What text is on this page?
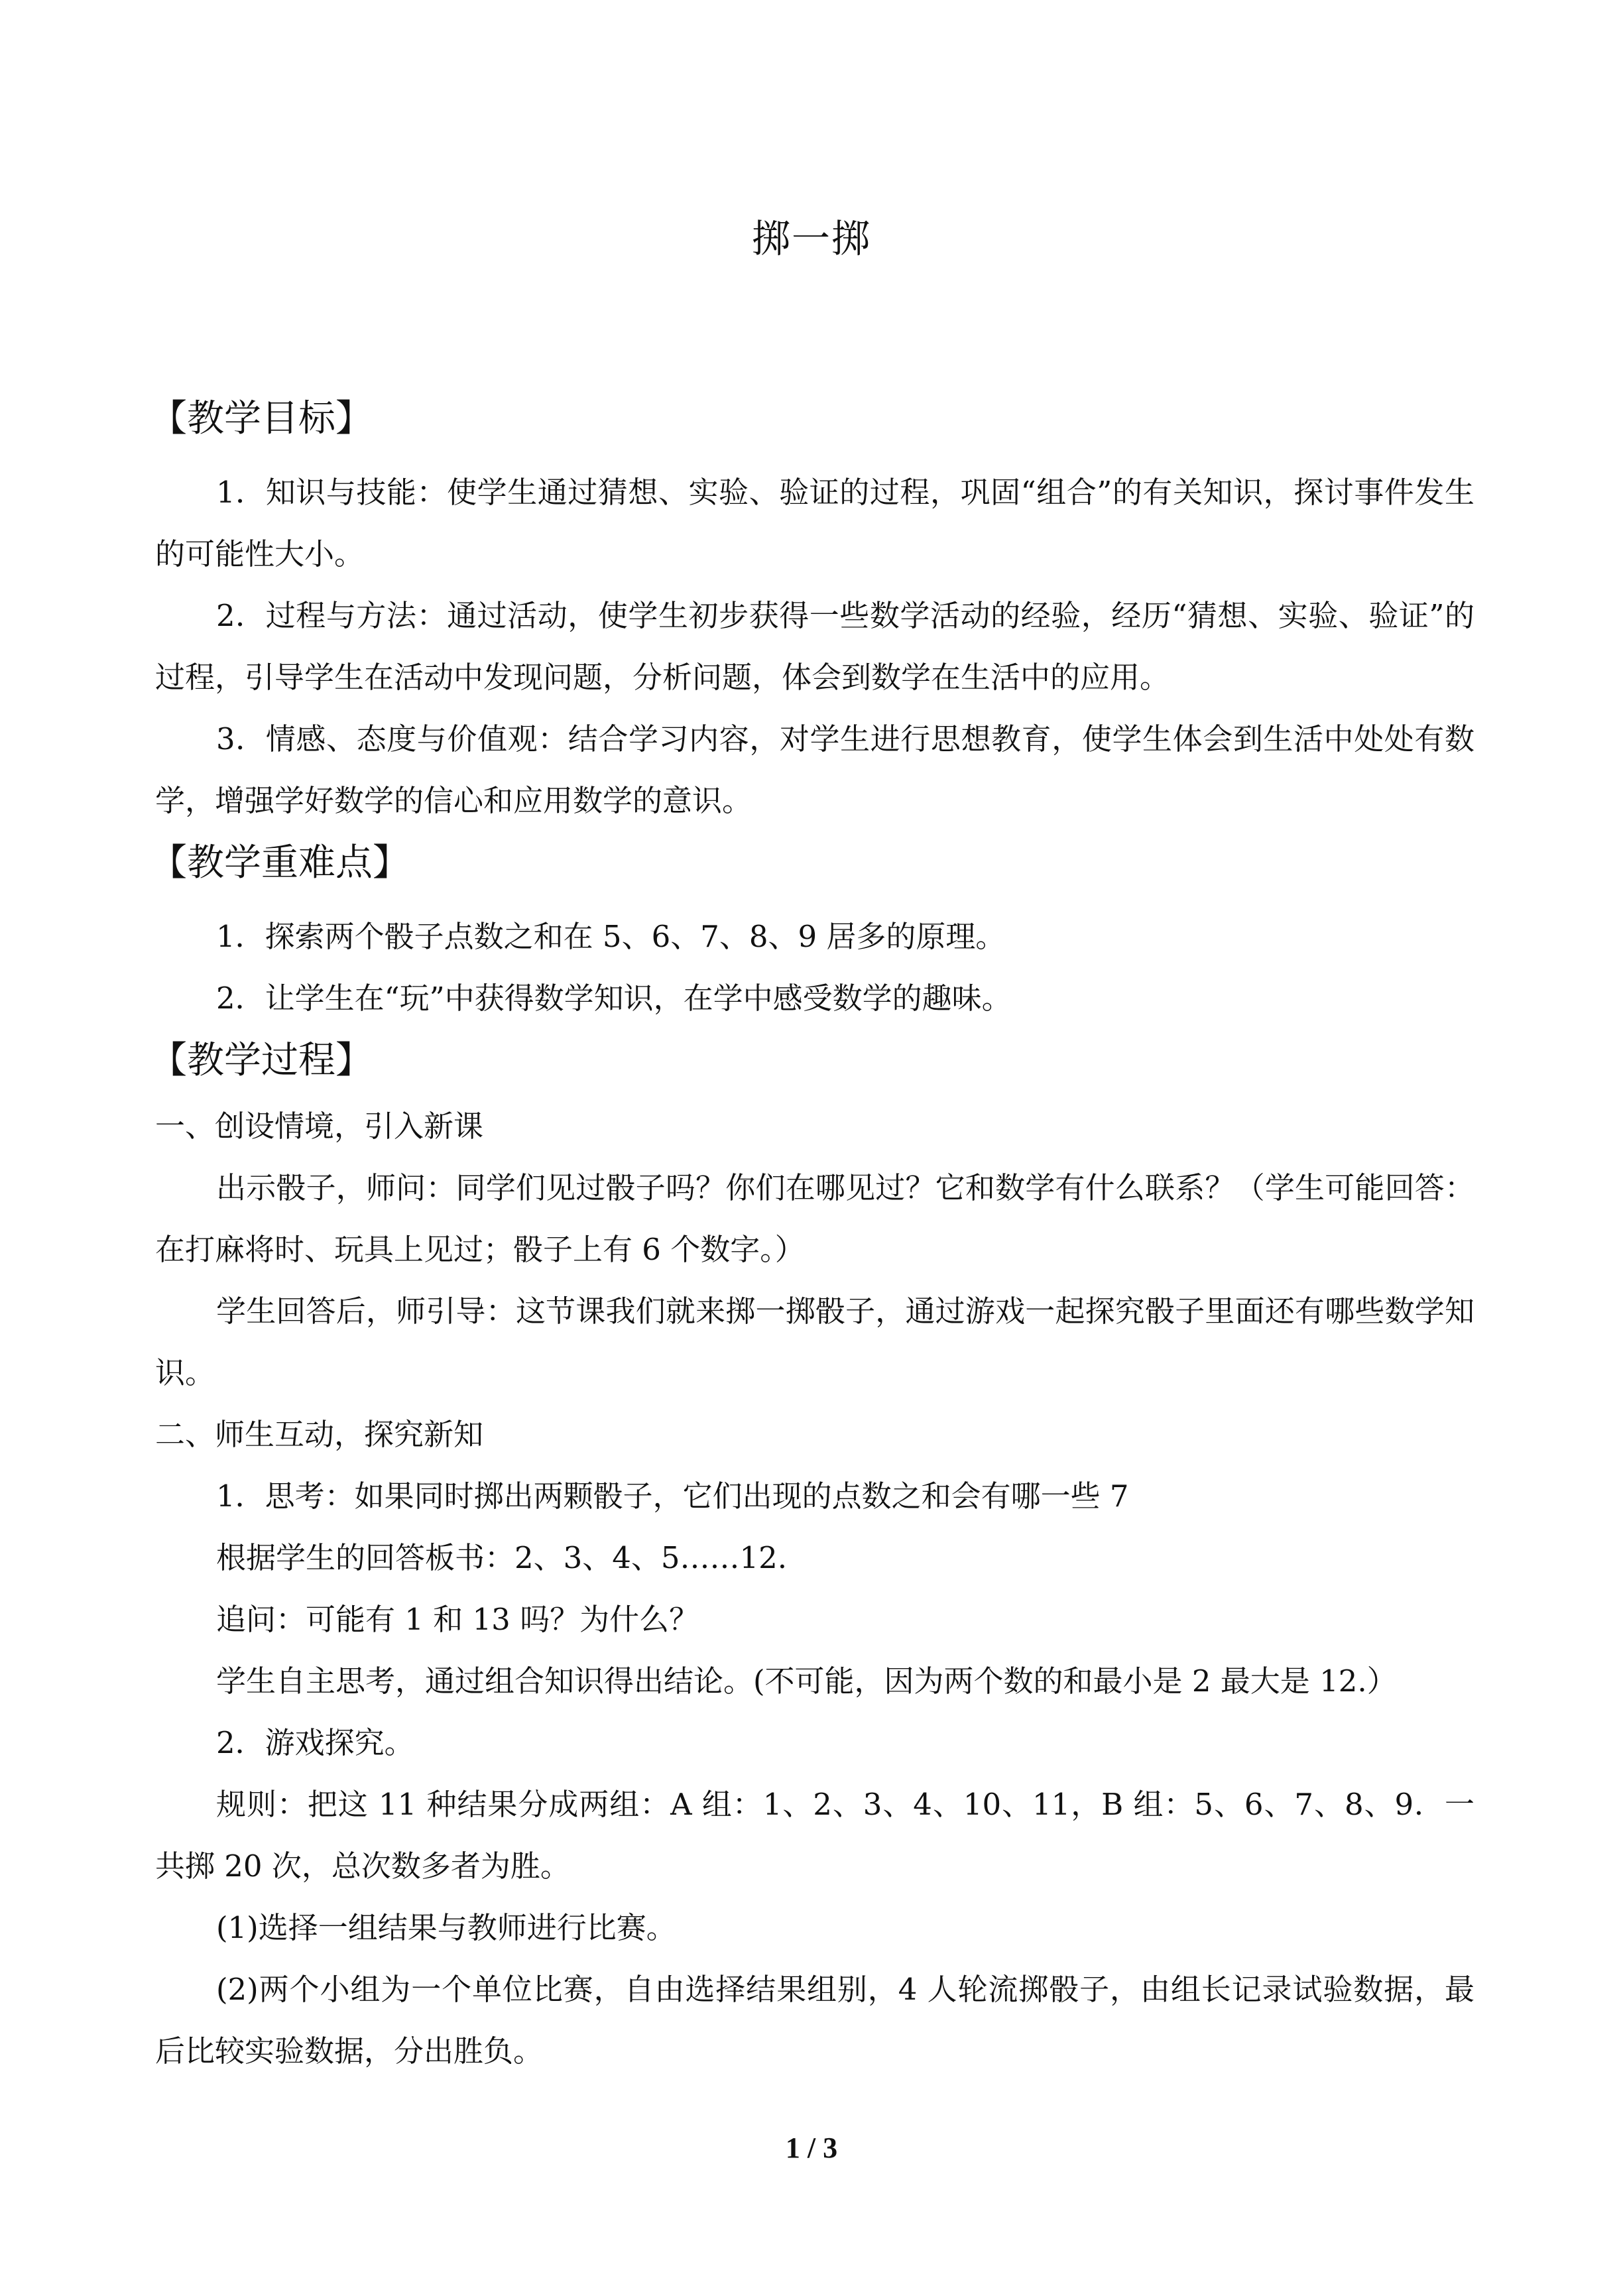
掷一掷
【教学目标】

1．知识与技能：使学生通过猜想、实验、验证的过程，巩固“组合”的有关知识，探讨事件发生的可能性大小。

2．过程与方法：通过活动，使学生初步获得一些数学活动的经验，经历“猜想、实验、验证”的过程，引导学生在活动中发现问题，分析问题，体会到数学在生活中的应用。

3．情感、态度与价值观：结合学习内容，对学生进行思想教育，使学生体会到生活中处处有数学，增强学好数学的信心和应用数学的意识。

【教学重难点】

1．探索两个骰子点数之和在 5、6、7、8、9 居多的原理。

2．让学生在“玩”中获得数学知识，在学中感受数学的趣味。

【教学过程】

一、创设情境，引入新课

出示骰子，师问：同学们见过骰子吗？你们在哪见过？它和数学有什么联系？（学生可能回答：在打麻将时、玩具上见过；骰子上有 6 个数字。）

学生回答后，师引导：这节课我们就来掷一掷骰子，通过游戏一起探究骰子里面还有哪些数学知识。

二、师生互动，探究新知

1．思考：如果同时掷出两颗骰子，它们出现的点数之和会有哪一些 7

根据学生的回答板书：2、3、4、5……12.

追问：可能有 1 和 13 吗？为什么？

学生自主思考，通过组合知识得出结论。(不可能，因为两个数的和最小是 2 最大是 12.）

2．游戏探究。

规则：把这 11 种结果分成两组：A 组：1、2、3、4、10、11，B 组：5、6、7、8、9．一共掷 20 次，总次数多者为胜。

(1)选择一组结果与教师进行比赛。

(2)两个小组为一个单位比赛，自由选择结果组别，4 人轮流掷骰子，由组长记录试验数据，最后比较实验数据，分出胜负。

1 / 3
